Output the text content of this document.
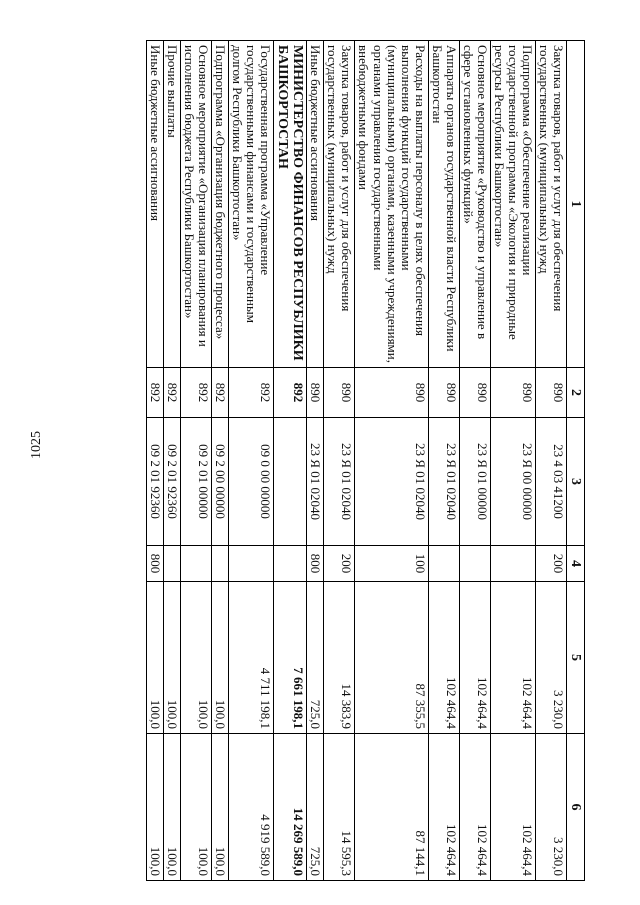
1025
1	2	3	4	5	6
Закупка товаров, работ и услуг для обеспечения государственных (муниципальных) нужд	890	23 4 03 41200	200	3 230,0	3 230,0
Подпрограмма «Обеспечение реализации государственной программы «Экология и природные ресурсы Республики Башкортостан»	890	23 Я 00 00000		102 464,4	102 464,4
Основное мероприятие «Руководство и управление в сфере установленных функций»	890	23 Я 01 00000		102 464,4	102 464,4
Аппараты органов государственной власти Республики Башкортостан	890	23 Я 01 02040		102 464,4	102 464,4
Расходы на выплаты персоналу в целях обеспечения выполнения функций государственными (муниципальными) органами, казенными учреждениями, органами управления государственными внебюджетными фондами	890	23 Я 01 02040	100	87 355,5	87 144,1
Закупка товаров, работ и услуг для обеспечения государственных (муниципальных) нужд	890	23 Я 01 02040	200	14 383,9	14 595,3
Иные бюджетные ассигнования	890	23 Я 01 02040	800	725,0	725,0
МИНИСТЕРСТВО ФИНАНСОВ РЕСПУБЛИКИ БАШКОРТОСТАН	892			7 661 198,1	14 269 589,0
Государственная программа «Управление государственными финансами и государственным долгом Республики Башкортостан»	892	09 0 00 00000		4 711 198,1	4 919 589,0
Подпрограмма «Организация бюджетного процесса»	892	09 2 00 00000		100,0	100,0
Основное мероприятие «Организация планирования и исполнения бюджета Республики Башкортостан»	892	09 2 01 00000		100,0	100,0
Прочие выплаты	892	09 2 01 92360		100,0	100,0
Иные бюджетные ассигнования	892	09 2 01 92360	800	100,0	100,0
